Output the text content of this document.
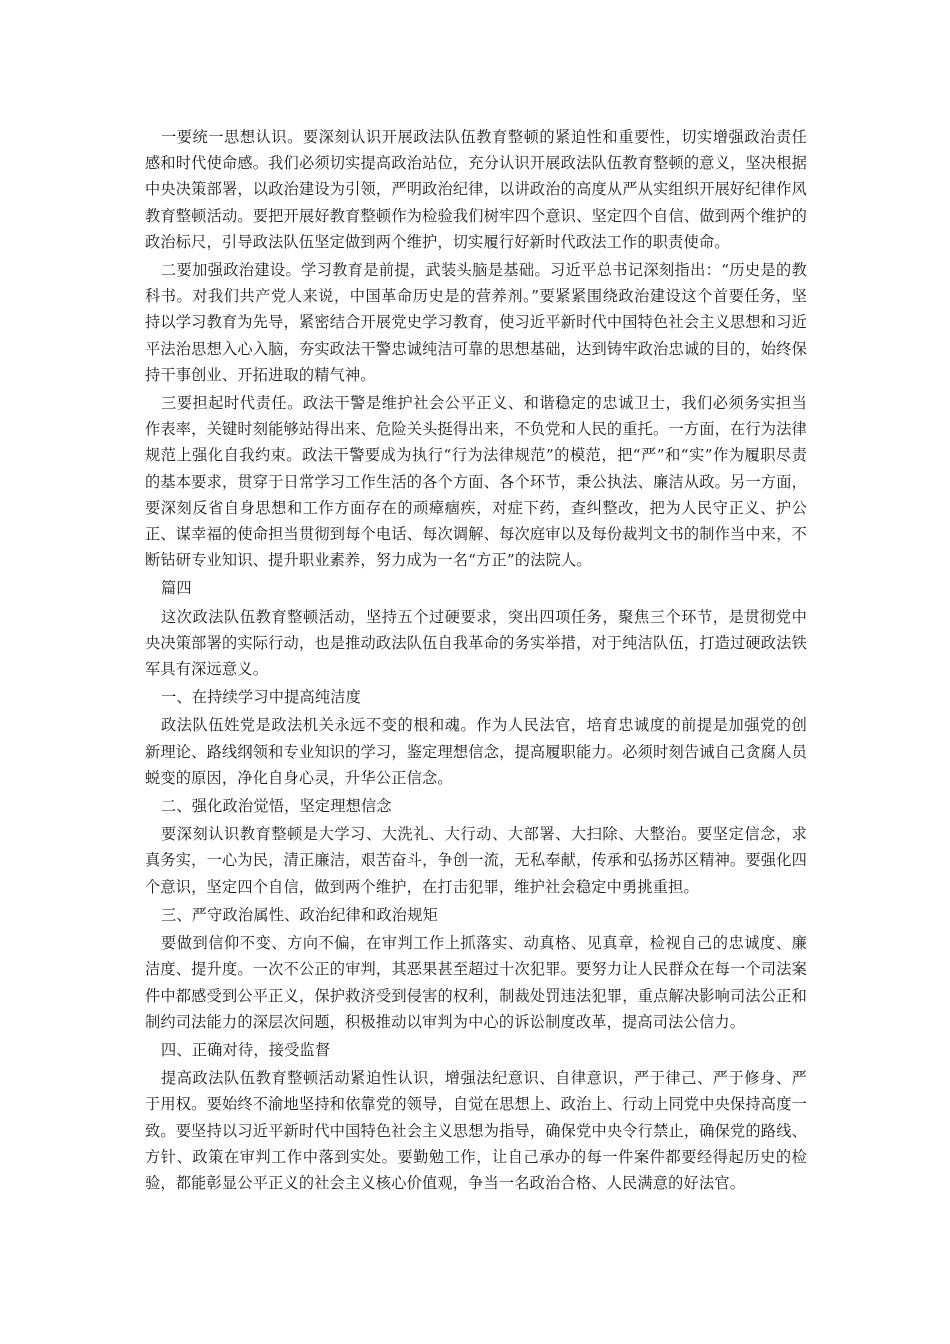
一要统一思想认识。要深刻认识开展政法队伍教育整顿的紧迫性和重要性，切实增强政治责任感和时代使命感。我们必须切实提高政治站位，充分认识开展政法队伍教育整顿的意义，坚决根据中央决策部署，以政治建设为引领，严明政治纪律，以讲政治的高度从严从实组织开展好纪律作风教育整顿活动。要把开展好教育整顿作为检验我们树牢四个意识、坚定四个自信、做到两个维护的政治标尺，引导政法队伍坚定做到两个维护，切实履行好新时代政法工作的职责使命。

二要加强政治建设。学习教育是前提，武装头脑是基础。习近平总书记深刻指出：“历史是的教科书。对我们共产党人来说，中国革命历史是的营养剂。”要紧紧围绕政治建设这个首要任务，坚持以学习教育为先导，紧密结合开展党史学习教育，使习近平新时代中国特色社会主义思想和习近平法治思想入心入脑，夯实政法干警忠诚纯洁可靠的思想基础，达到铸牢政治忠诚的目的，始终保持干事创业、开拓进取的精气神。

三要担起时代责任。政法干警是维护社会公平正义、和谐稳定的忠诚卫士，我们必须务实担当作表率，关键时刻能够站得出来、危险关头挺得出来，不负党和人民的重托。一方面，在行为法律规范上强化自我约束。政法干警要成为执行“行为法律规范”的模范，把“严”和“实”作为履职尽责的基本要求，贯穿于日常学习工作生活的各个方面、各个环节，秉公执法、廉洁从政。另一方面，要深刻反省自身思想和工作方面存在的顽瘴痼疾，对症下药，查纠整改，把为人民守正义、护公正、谋幸福的使命担当贯彻到每个电话、每次调解、每次庭审以及每份裁判文书的制作当中来，不断钻研专业知识、提升职业素养，努力成为一名“方正”的法院人。

篇四

这次政法队伍教育整顿活动，坚持五个过硬要求，突出四项任务，聚焦三个环节，是贯彻党中央决策部署的实际行动，也是推动政法队伍自我革命的务实举措，对于纯洁队伍，打造过硬政法铁军具有深远意义。

一、在持续学习中提高纯洁度

政法队伍姓党是政法机关永远不变的根和魂。作为人民法官，培育忠诚度的前提是加强党的创新理论、路线纲领和专业知识的学习，鉴定理想信念，提高履职能力。必须时刻告诫自己贪腐人员蜕变的原因，净化自身心灵，升华公正信念。

二、强化政治觉悟，坚定理想信念

要深刻认识教育整顿是大学习、大洗礼、大行动、大部署、大扫除、大整治。要坚定信念，求真务实，一心为民，清正廉洁，艰苦奋斗，争创一流，无私奉献，传承和弘扬苏区精神。要强化四个意识，坚定四个自信，做到两个维护，在打击犯罪，维护社会稳定中勇挑重担。

三、严守政治属性、政治纪律和政治规矩

要做到信仰不变、方向不偏，在审判工作上抓落实、动真格、见真章，检视自己的忠诚度、廉洁度、提升度。一次不公正的审判，其恶果甚至超过十次犯罪。要努力让人民群众在每一个司法案件中都感受到公平正义，保护救济受到侵害的权利，制裁处罚违法犯罪，重点解决影响司法公正和制约司法能力的深层次问题，积极推动以审判为中心的诉讼制度改革，提高司法公信力。

四、正确对待，接受监督

提高政法队伍教育整顿活动紧迫性认识，增强法纪意识、自律意识，严于律己、严于修身、严于用权。要始终不渝地坚持和依靠党的领导，自觉在思想上、政治上、行动上同党中央保持高度一致。要坚持以习近平新时代中国特色社会主义思想为指导，确保党中央令行禁止，确保党的路线、方针、政策在审判工作中落到实处。要勤勉工作，让自己承办的每一件案件都要经得起历史的检验，都能彰显公平正义的社会主义核心价值观，争当一名政治合格、人民满意的好法官。
